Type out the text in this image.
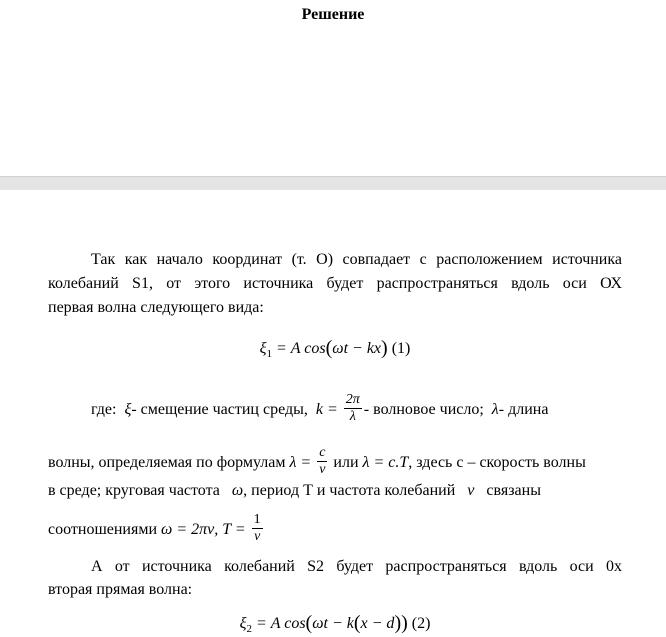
Решение
Так как начало координат (т. О) совпадает с расположением источника
колебаний S1, от этого источника будет распространяться вдоль оси ОХ
первая волна следующего вида:
$\xi_1 = A$ cos(ωt − kx) (1)
где: ξ- смещение частиц среды, $k = \frac{2\pi}{\lambda}$ - волновое число; λ- длина
волны, определяемая по формулам $\lambda = \frac{c}{\nu}$ или λ = c.T, здесь с – скорость волны
в среде; круговая частота ω, период Т и частота колебаний ν связаны
соотношениями ω = 2πν, $T = \frac{1}{\nu}$
А от источника колебаний S2 будет распространяться вдоль оси 0х
вторая прямая волна:
$\xi_2 = A$ cos(ωt − k(x − d)) (2)
